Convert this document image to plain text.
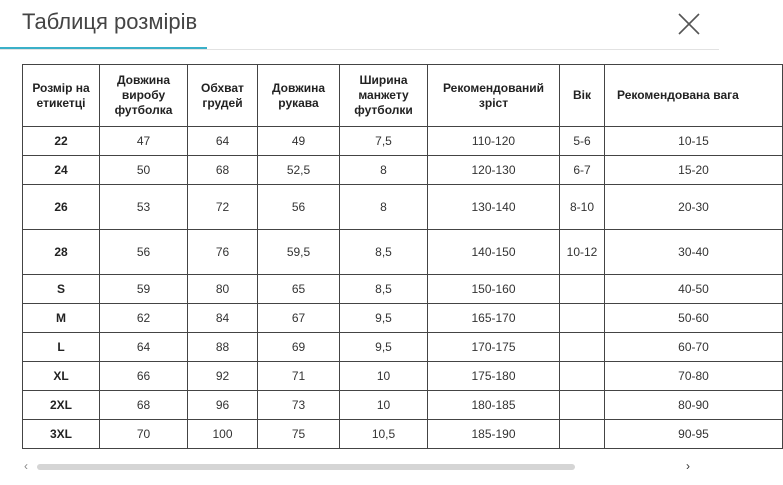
Таблиця розмірів
Розмір на етикетці	Довжина виробу футболка	Обхват грудей	Довжина рукава	Ширина манжету футболки	Рекомендований зріст	Вік	Рекомендована вага
22	47	64	49	7,5	110-120	5-6	10-15
24	50	68	52,5	8	120-130	6-7	15-20
26	53	72	56	8	130-140	8-10	20-30
28	56	76	59,5	8,5	140-150	10-12	30-40
S	59	80	65	8,5	150-160		40-50
M	62	84	67	9,5	165-170		50-60
L	64	88	69	9,5	170-175		60-70
XL	66	92	71	10	175-180		70-80
2XL	68	96	73	10	180-185		80-90
3XL	70	100	75	10,5	185-190		90-95
‹	›
